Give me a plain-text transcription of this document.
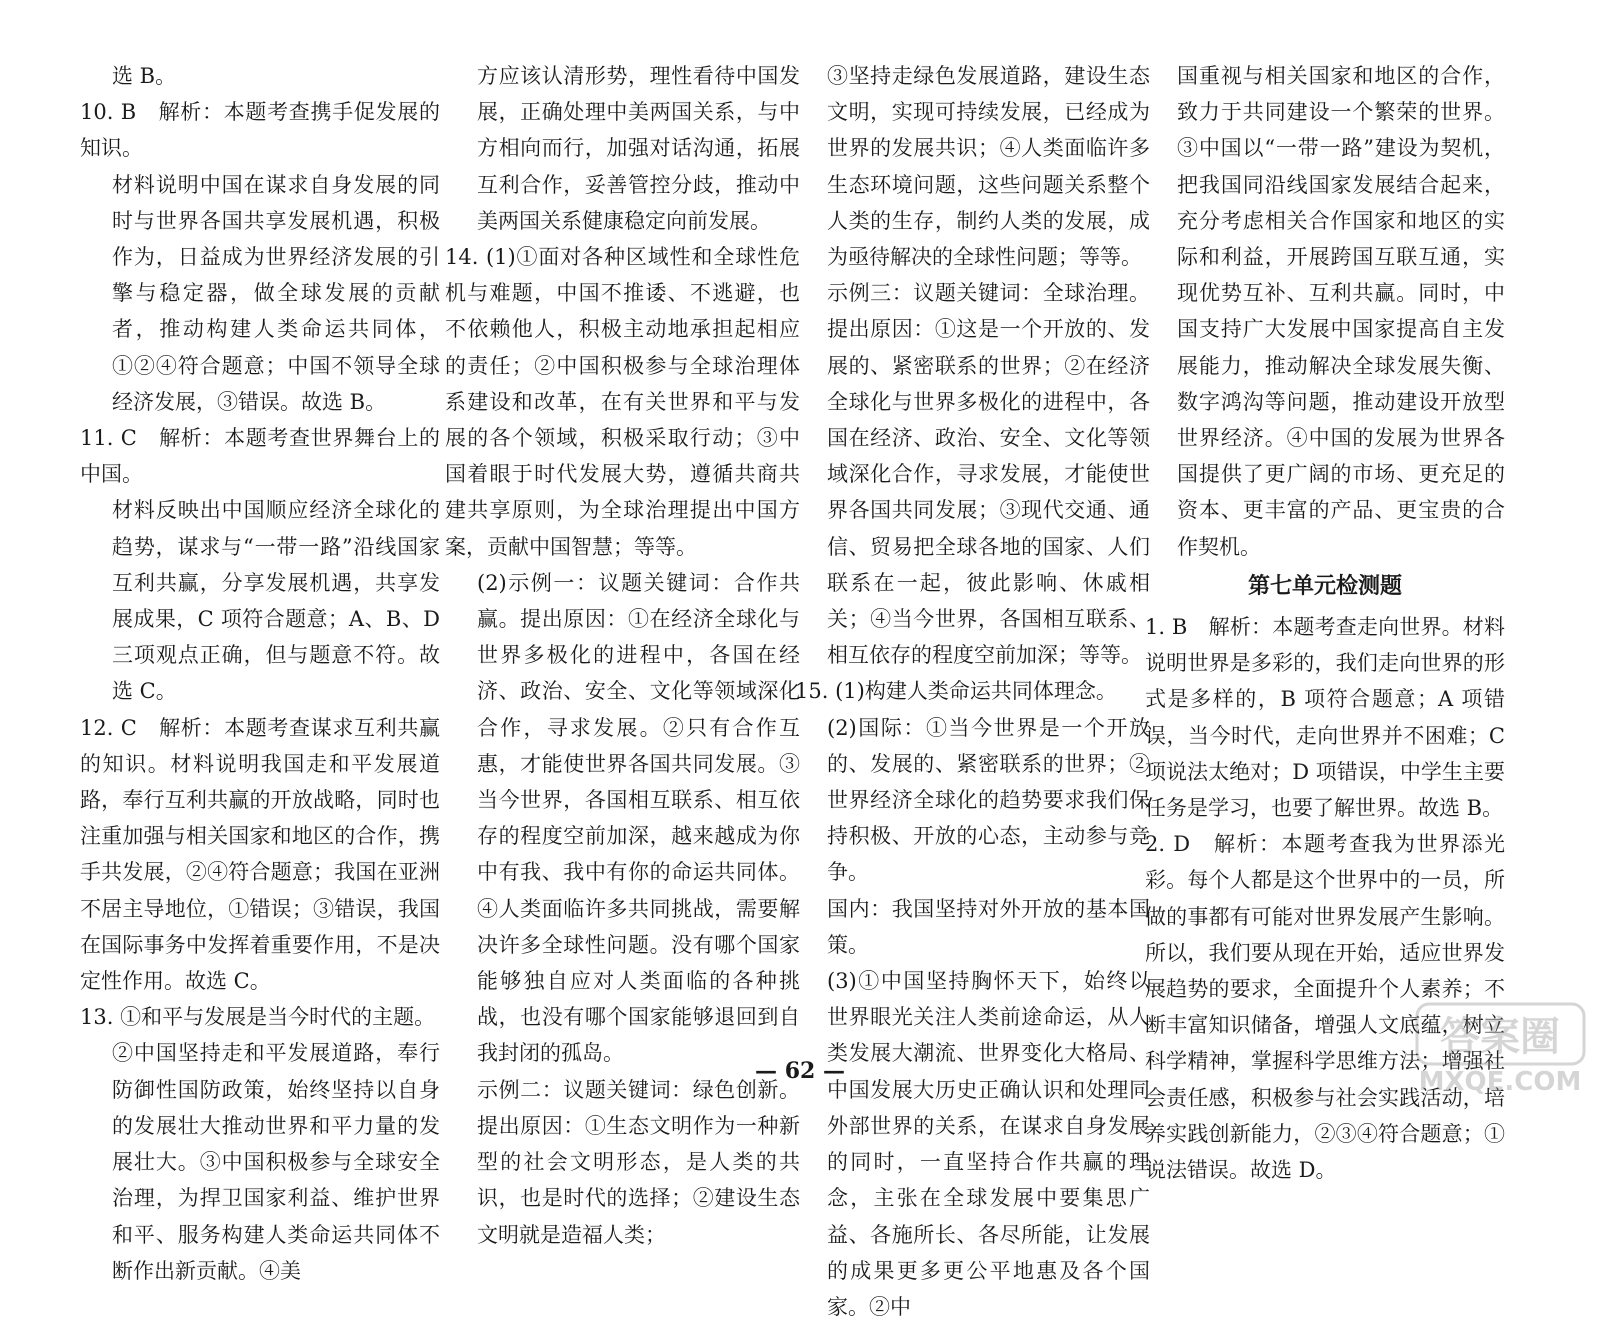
选 B。

10. B　解析：本题考查携手促发展的知识。

材料说明中国在谋求自身发展的同时与世界各国共享发展机遇，积极作为，日益成为世界经济发展的引擎与稳定器，做全球发展的贡献者，推动构建人类命运共同体，①②④符合题意；中国不领导全球经济发展，③错误。故选 B。

11. C　解析：本题考查世界舞台上的中国。

材料反映出中国顺应经济全球化的趋势，谋求与“一带一路”沿线国家互利共赢，分享发展机遇，共享发展成果，C 项符合题意；A、B、D 三项观点正确，但与题意不符。故选 C。

12. C　解析：本题考查谋求互利共赢的知识。材料说明我国走和平发展道路，奉行互利共赢的开放战略，同时也注重加强与相关国家和地区的合作，携手共发展，②④符合题意；我国在亚洲不居主导地位，①错误；③错误，我国在国际事务中发挥着重要作用，不是决定性作用。故选 C。

13. ①和平与发展是当今时代的主题。

②中国坚持走和平发展道路，奉行防御性国防政策，始终坚持以自身的发展壮大推动世界和平力量的发展壮大。③中国积极参与全球安全治理，为捍卫国家利益、维护世界和平、服务构建人类命运共同体不断作出新贡献。④美

方应该认清形势，理性看待中国发展，正确处理中美两国关系，与中方相向而行，加强对话沟通，拓展互利合作，妥善管控分歧，推动中美两国关系健康稳定向前发展。

14. (1)①面对各种区域性和全球性危机与难题，中国不推诿、不逃避，也不依赖他人，积极主动地承担起相应的责任；②中国积极参与全球治理体系建设和改革，在有关世界和平与发展的各个领域，积极采取行动；③中国着眼于时代发展大势，遵循共商共建共享原则，为全球治理提出中国方案，贡献中国智慧；等等。

(2)示例一：议题关键词：合作共赢。提出原因：①在经济全球化与世界多极化的进程中，各国在经济、政治、安全、文化等领域深化合作，寻求发展。②只有合作互惠，才能使世界各国共同发展。③当今世界，各国相互联系、相互依存的程度空前加深，越来越成为你中有我、我中有你的命运共同体。④人类面临许多共同挑战，需要解决许多全球性问题。没有哪个国家能够独自应对人类面临的各种挑战，也没有哪个国家能够退回到自我封闭的孤岛。

示例二：议题关键词：绿色创新。提出原因：①生态文明作为一种新型的社会文明形态，是人类的共识，也是时代的选择；②建设生态文明就是造福人类；

③坚持走绿色发展道路，建设生态文明，实现可持续发展，已经成为世界的发展共识；④人类面临许多生态环境问题，这些问题关系整个人类的生存，制约人类的发展，成为亟待解决的全球性问题；等等。

示例三：议题关键词：全球治理。提出原因：①这是一个开放的、发展的、紧密联系的世界；②在经济全球化与世界多极化的进程中，各国在经济、政治、安全、文化等领域深化合作，寻求发展，才能使世界各国共同发展；③现代交通、通信、贸易把全球各地的国家、人们联系在一起，彼此影响、休戚相关；④当今世界，各国相互联系、相互依存的程度空前加深；等等。

15. (1)构建人类命运共同体理念。

(2)国际：①当今世界是一个开放的、发展的、紧密联系的世界；②世界经济全球化的趋势要求我们保持积极、开放的心态，主动参与竞争。

国内：我国坚持对外开放的基本国策。

(3)①中国坚持胸怀天下，始终以世界眼光关注人类前途命运，从人类发展大潮流、世界变化大格局、中国发展大历史正确认识和处理同外部世界的关系，在谋求自身发展的同时，一直坚持合作共赢的理念，主张在全球发展中要集思广益、各施所长、各尽所能，让发展的成果更多更公平地惠及各个国家。②中

国重视与相关国家和地区的合作，致力于共同建设一个繁荣的世界。③中国以“一带一路”建设为契机，把我国同沿线国家发展结合起来，充分考虑相关合作国家和地区的实际和利益，开展跨国互联互通，实现优势互补、互利共赢。同时，中国支持广大发展中国家提高自主发展能力，推动解决全球发展失衡、数字鸿沟等问题，推动建设开放型世界经济。④中国的发展为世界各国提供了更广阔的市场、更充足的资本、更丰富的产品、更宝贵的合作契机。

第七单元检测题

1. B　解析：本题考查走向世界。材料说明世界是多彩的，我们走向世界的形式是多样的，B 项符合题意；A 项错误，当今时代，走向世界并不困难；C 项说法太绝对；D 项错误，中学生主要任务是学习，也要了解世界。故选 B。

2. D　解析：本题考查我为世界添光彩。每个人都是这个世界中的一员，所做的事都有可能对世界发展产生影响。所以，我们要从现在开始，适应世界发展趋势的要求，全面提升个人素养；不断丰富知识储备，增强人文底蕴，树立科学精神，掌握科学思维方法；增强社会责任感，积极参与社会实践活动，培养实践创新能力，②③④符合题意；①说法错误。故选 D。

— 62 —
答案圈
MXQE.COM
